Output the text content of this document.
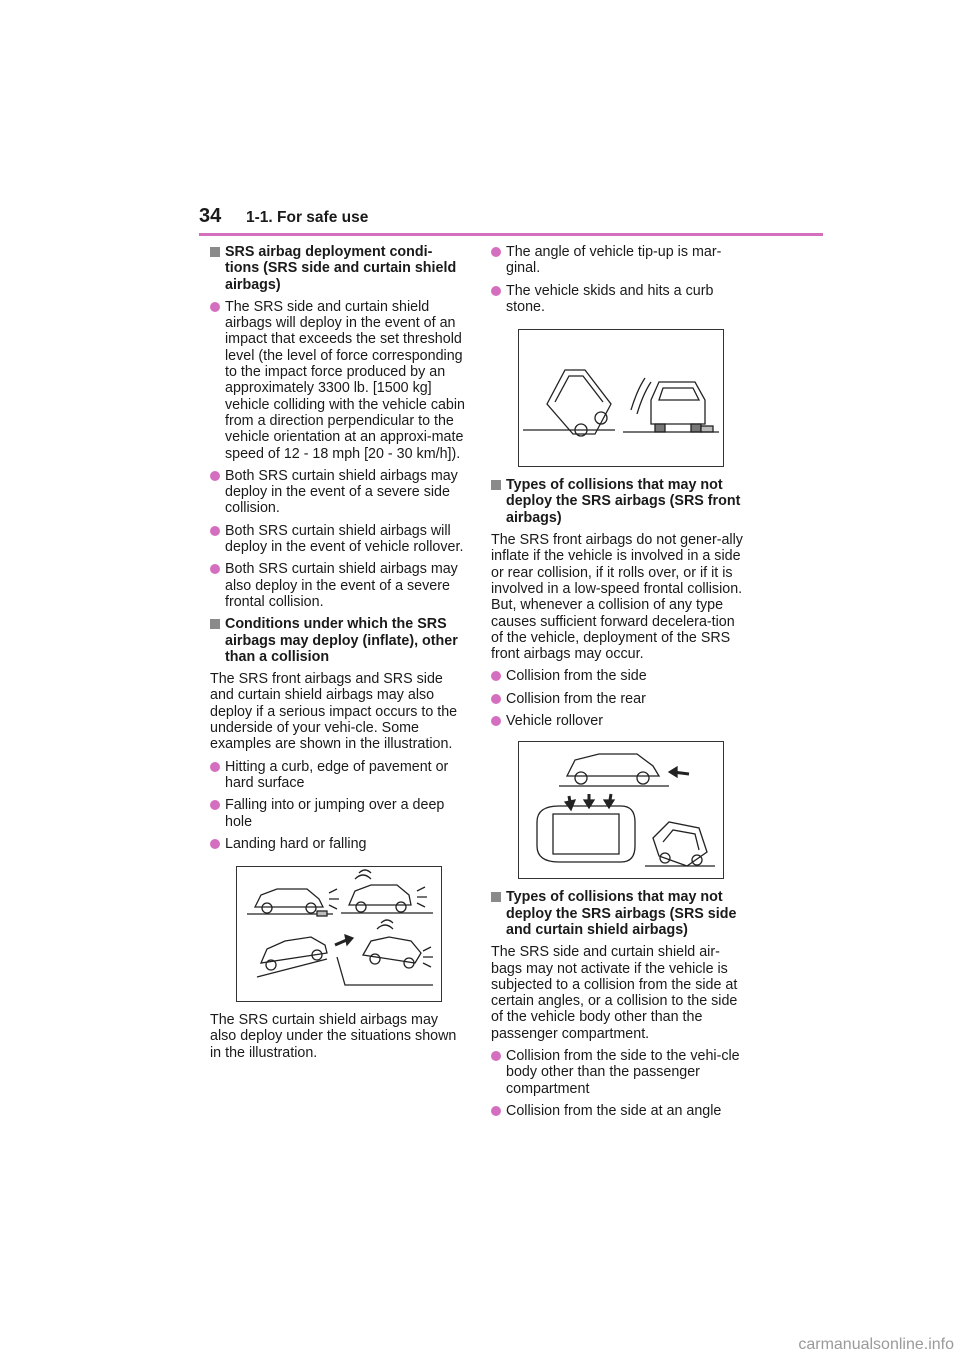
34 1-1. For safe use
SRS airbag deployment condi-tions (SRS side and curtain shield airbags)
The SRS side and curtain shield airbags will deploy in the event of an impact that exceeds the set threshold level (the level of force corresponding to the impact force produced by an approximately 3300 lb. [1500 kg] vehicle colliding with the vehicle cabin from a direction perpendicular to the vehicle orientation at an approxi-mate speed of 12 - 18 mph [20 - 30 km/h]).
Both SRS curtain shield airbags may deploy in the event of a severe side collision.
Both SRS curtain shield airbags will deploy in the event of vehicle rollover.
Both SRS curtain shield airbags may also deploy in the event of a severe frontal collision.
Conditions under which the SRS airbags may deploy (inflate), other than a collision
The SRS front airbags and SRS side and curtain shield airbags may also deploy if a serious impact occurs to the underside of your vehi-cle. Some examples are shown in the illustration.
Hitting a curb, edge of pavement or hard surface
Falling into or jumping over a deep hole
Landing hard or falling
The SRS curtain shield airbags may also deploy under the situations shown in the illustration.
The angle of vehicle tip-up is mar-ginal.
The vehicle skids and hits a curb stone.
Types of collisions that may not deploy the SRS airbags (SRS front airbags)
The SRS front airbags do not gener-ally inflate if the vehicle is involved in a side or rear collision, if it rolls over, or if it is involved in a low-speed frontal collision. But, whenever a collision of any type causes sufficient forward decelera-tion of the vehicle, deployment of the SRS front airbags may occur.
Collision from the side
Collision from the rear
Vehicle rollover
Types of collisions that may not deploy the SRS airbags (SRS side and curtain shield airbags)
The SRS side and curtain shield air-bags may not activate if the vehicle is subjected to a collision from the side at certain angles, or a collision to the side of the vehicle body other than the passenger compartment.
Collision from the side to the vehi-cle body other than the passenger compartment
Collision from the side at an angle
carmanualsonline.info
